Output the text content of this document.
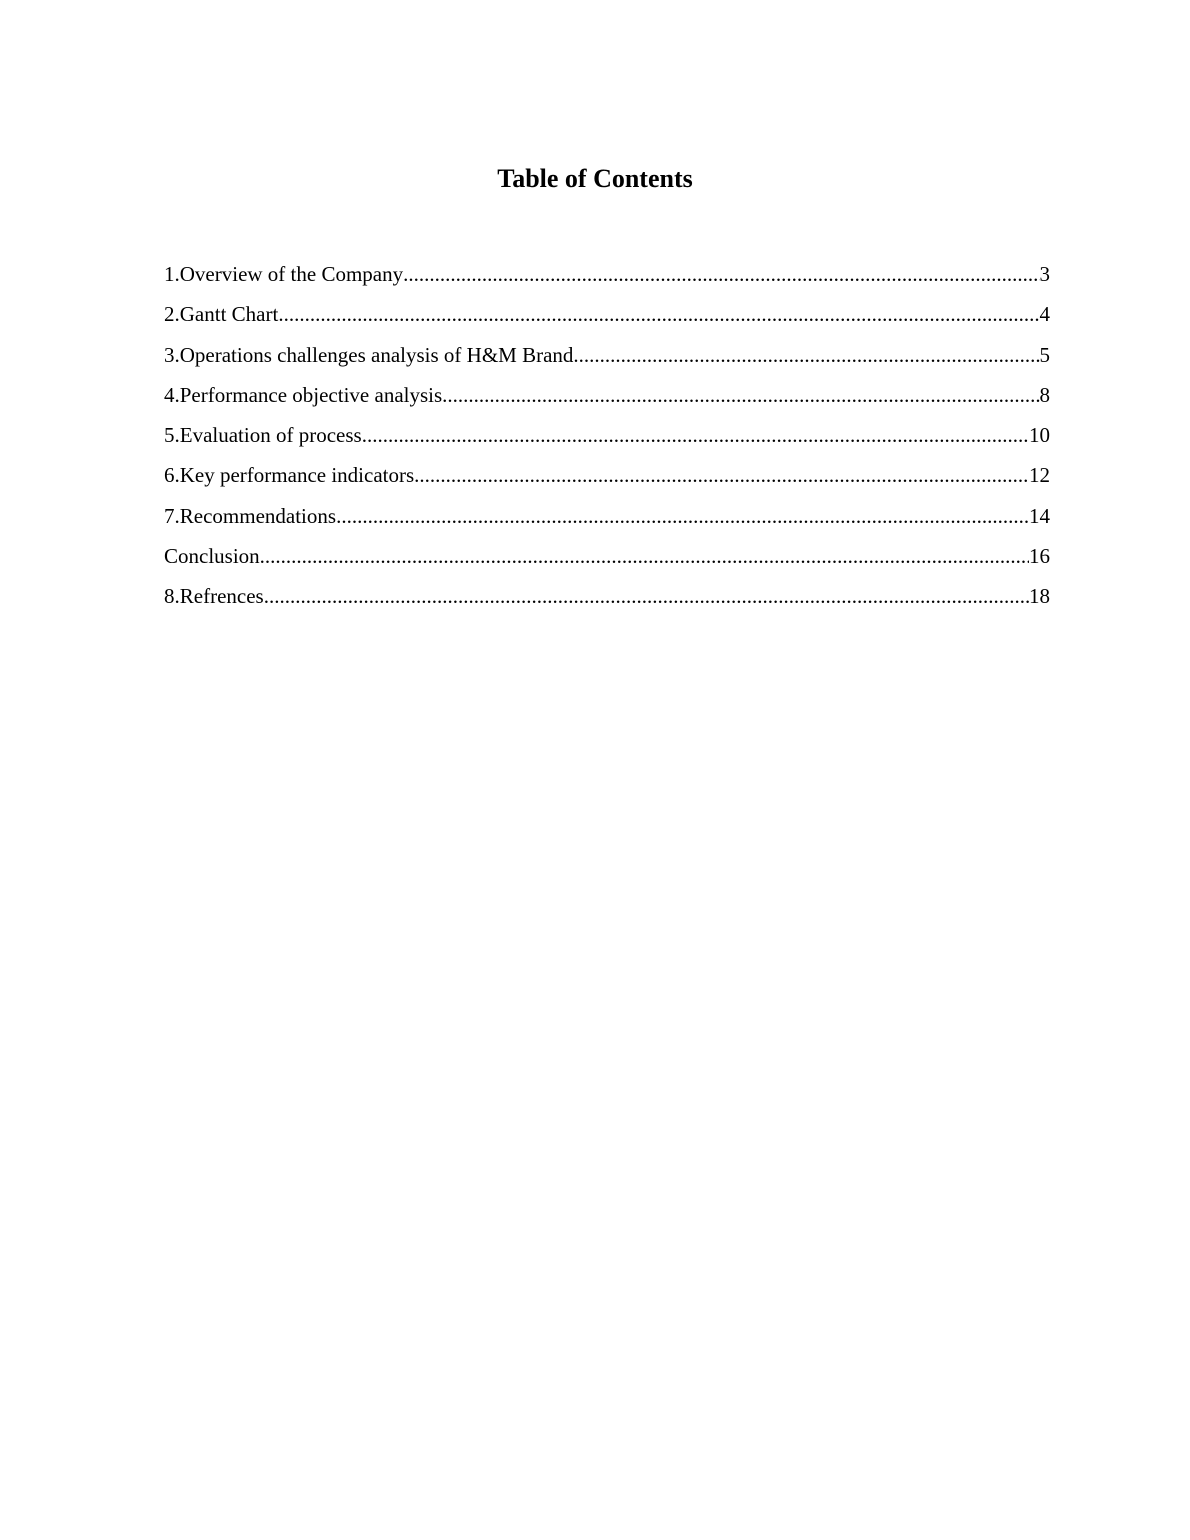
Table of Contents
1.Overview of the Company .....	3
2.Gantt Chart .....	4
3.Operations challenges analysis of H&M Brand .....	5
4.Performance objective analysis .....	8
5.Evaluation of process .....	10
6.Key performance indicators .....	12
7.Recommendations .....	14
Conclusion .....	16
8.Refrences .....	18
